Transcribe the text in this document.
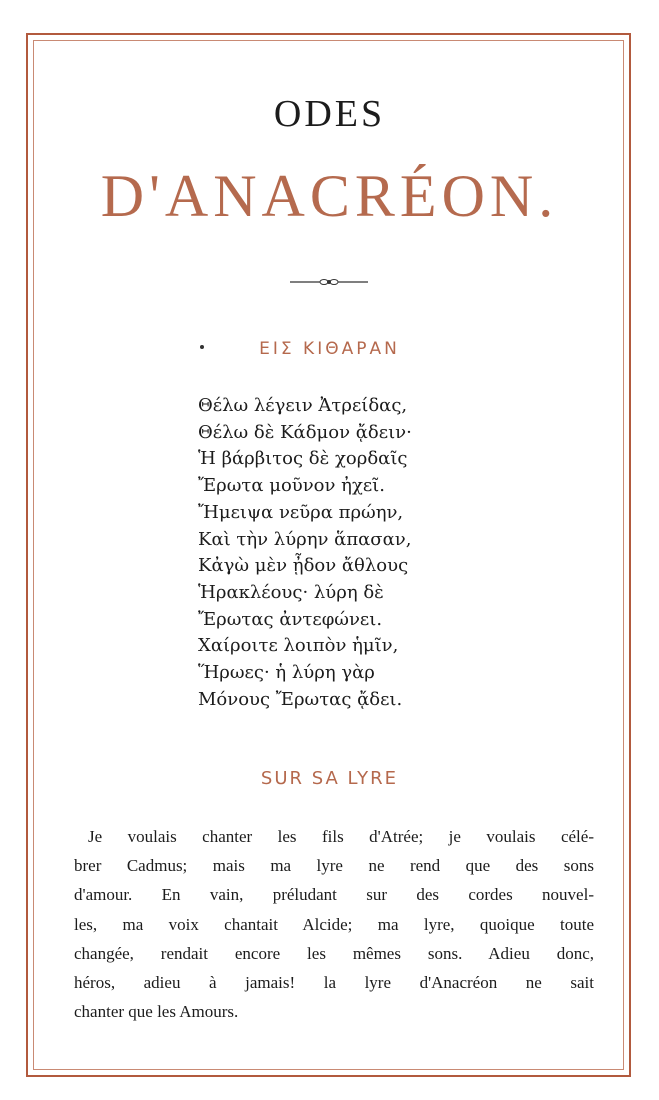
ODES
D'ANACRÉON.
ΕΙΣ ΚΙΘΑΡΑΝ
Θέλω λέγειν Ἀτρείδας,
Θέλω δὲ Κάδμον ᾄδειν·
Ἡ βάρβιτος δὲ χορδαῖς
Ἔρωτα μοῦνον ἠχεῖ.
Ἤμειψα νεῦρα πρώην,
Καὶ τὴν λύρην ἅπασαν,
Κἀγὼ μὲν ᾖδον ἄθλους
Ἡρακλέους· λύρη δὲ
Ἔρωτας ἀντεφώνει.
Χαίροιτε λοιπὸν ἡμῖν,
Ἥρωες· ἡ λύρη γὰρ
Μόνους Ἔρωτας ᾄδει.
SUR SA LYRE
Je voulais chanter les fils d'Atrée; je voulais célé-
brer Cadmus; mais ma lyre ne rend que des sons
d'amour. En vain, préludant sur des cordes nouvel-
les, ma voix chantait Alcide; ma lyre, quoique toute
changée, rendait encore les mêmes sons. Adieu donc,
héros, adieu à jamais! la lyre d'Anacréon ne sait
chanter que les Amours.
